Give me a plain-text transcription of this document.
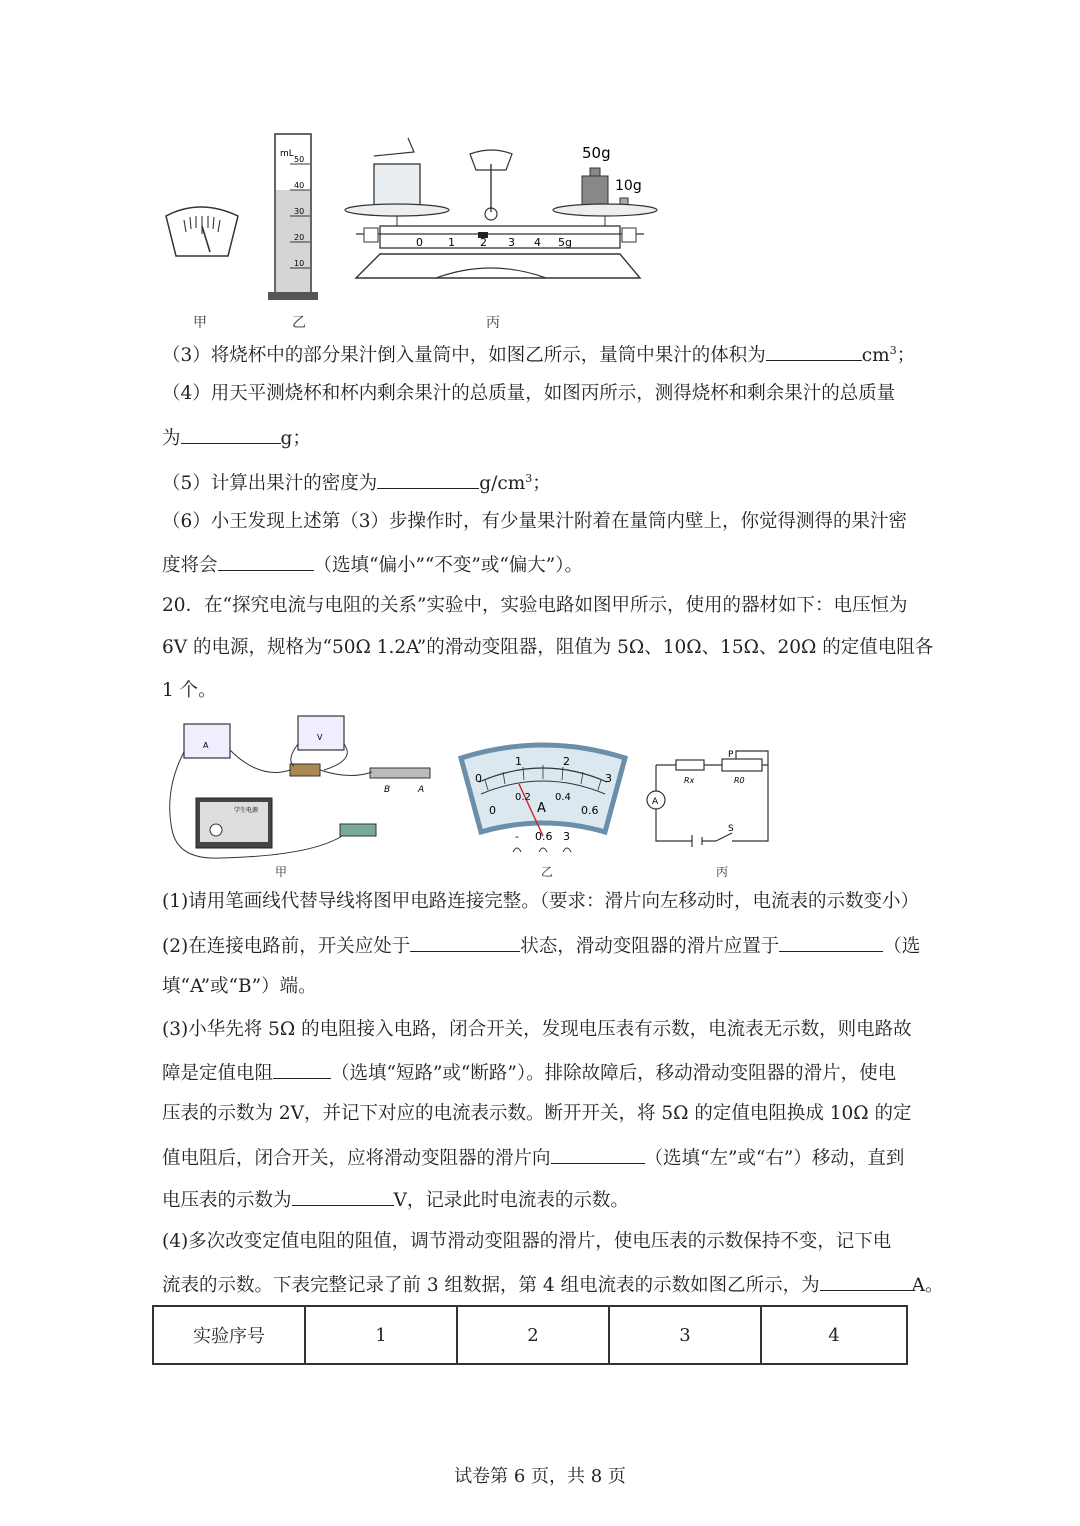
mL
50
40
30
20
10
50g
10g
0 1 2 3 4 5g
甲	乙	丙
（3）将烧杯中的部分果汁倒入量筒中，如图乙所示，量筒中果汁的体积为	$cm^3$；
（4）用天平测烧杯和杯内剩余果汁的总质量，如图丙所示，测得烧杯和剩余果汁的总质量
为	g；
（5）计算出果汁的密度为	$g/cm^3$；
（6）小王发现上述第（3）步操作时，有少量果汁附着在量筒内壁上，你觉得测得的果汁密
度将会	（选填“偏小”“不变”或“偏大”）。
20．在“探究电流与电阻的关系”实验中，实验电路如图甲所示，使用的器材如下：电压恒为
6V 的电源，规格为“50Ω 1.2A”的滑动变阻器，阻值为 5Ω、10Ω、15Ω、20Ω 的定值电阻各
1 个。
A
V
B	A
学生电源
0
1	2
3
0
0.2 0.4
0.6
A
- 0.6 3
P
Rx	R0
A
S
甲	乙	丙
(1)请用笔画线代替导线将图甲电路连接完整。（要求：滑片向左移动时，电流表的示数变小）
(2)在连接电路前，开关应处于	状态，滑动变阻器的滑片应置于	（选
填“A”或“B”）端。
(3)小华先将 5Ω 的电阻接入电路，闭合开关，发现电压表有示数，电流表无示数，则电路故
障是定值电阻	（选填“短路”或“断路”）。排除故障后，移动滑动变阻器的滑片，使电
压表的示数为 2V，并记下对应的电流表示数。断开开关，将 5Ω 的定值电阻换成 10Ω 的定
值电阻后，闭合开关，应将滑动变阻器的滑片向	（选填“左”或“右”）移动，直到
电压表的示数为	V，记录此时电流表的示数。
(4)多次改变定值电阻的阻值，调节滑动变阻器的滑片，使电压表的示数保持不变，记下电
流表的示数。下表完整记录了前 3 组数据，第 4 组电流表的示数如图乙所示，为	A。
实验序号	1	2	3	4
试卷第 6 页，共 8 页
